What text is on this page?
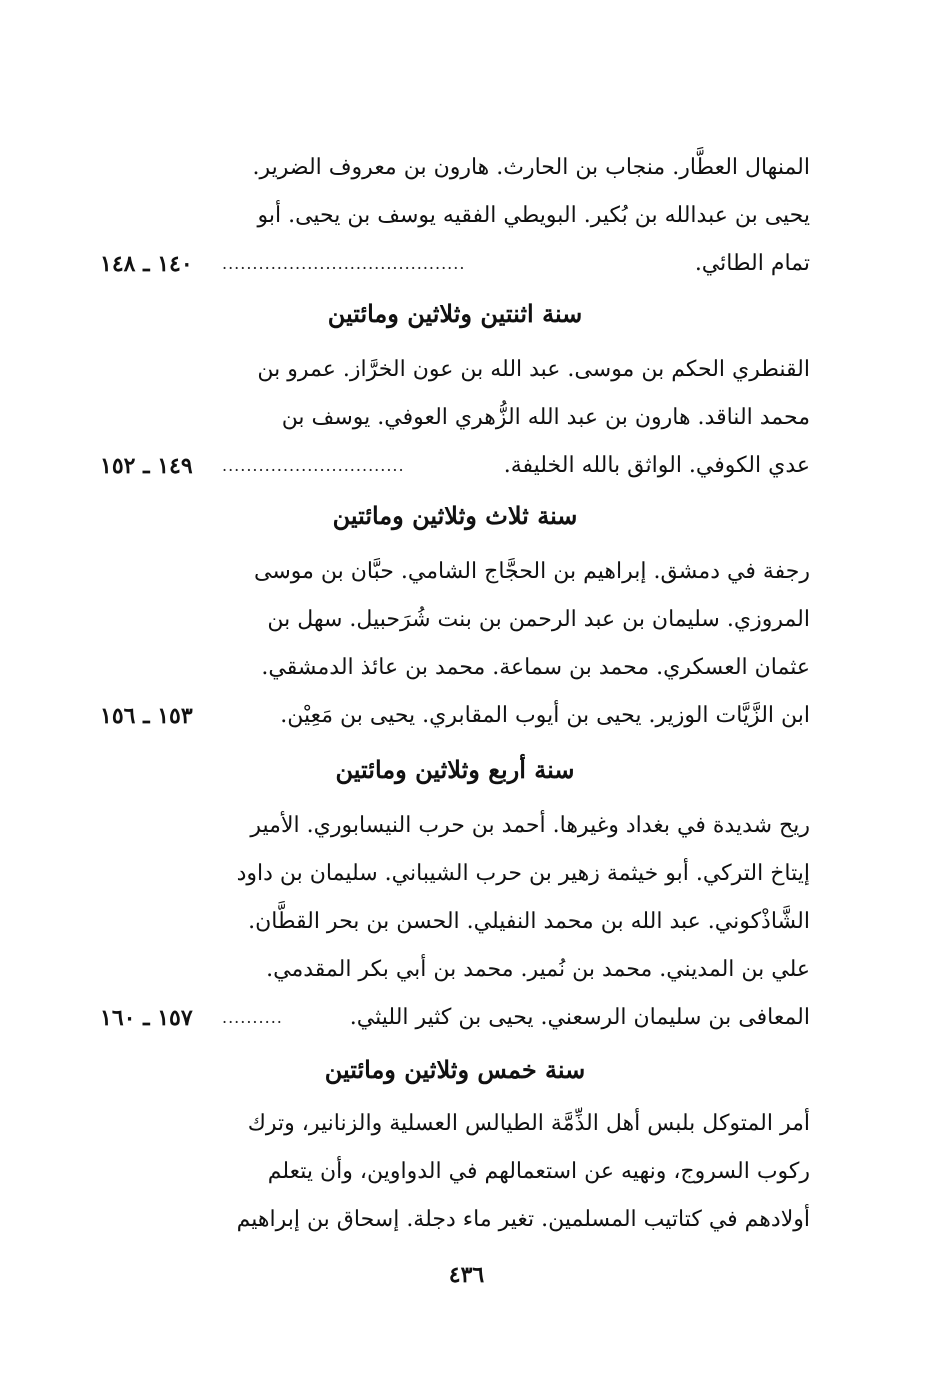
المنهال العطَّار. منجاب بن الحارث. هارون بن معروف الضرير.
يحيى بن عبدالله بن بُكير. البويطي الفقيه يوسف بن يحيى. أبو
تمام الطائي.
........................................
١٤٠ ـ ١٤٨
سنة اثنتين وثلاثين ومائتين
القنطري الحكم بن موسى. عبد الله بن عون الخرَّاز. عمرو بن
محمد الناقد. هارون بن عبد الله الزُّهري العوفي. يوسف بن
عدي الكوفي. الواثق بالله الخليفة.
..............................
١٤٩ ـ ١٥٢
سنة ثلاث وثلاثين ومائتين
رجفة في دمشق. إبراهيم بن الحجَّاج الشامي. حبَّان بن موسى
المروزي. سليمان بن عبد الرحمن بن بنت شُرَحبيل. سهل بن
عثمان العسكري. محمد بن سماعة. محمد بن عائذ الدمشقي.
ابن الزَّيَّات الوزير. يحيى بن أيوب المقابري. يحيى بن مَعِيْن.
١٥٣ ـ ١٥٦
سنة أربع وثلاثين ومائتين
ريح شديدة في بغداد وغيرها. أحمد بن حرب النيسابوري. الأمير
إيتاخ التركي. أبو خيثمة زهير بن حرب الشيباني. سليمان بن داود
الشَّاذْكوني. عبد الله بن محمد النفيلي. الحسن بن بحر القطَّان.
علي بن المديني. محمد بن نُمير. محمد بن أبي بكر المقدمي.
المعافى بن سليمان الرسعني. يحيى بن كثير الليثي.
..........
١٥٧ ـ ١٦٠
سنة خمس وثلاثين ومائتين
أمر المتوكل بلبس أهل الذِّمَّة الطيالس العسلية والزنانير، وترك
ركوب السروج، ونهيه عن استعمالهم في الدواوين، وأن يتعلم
أولادهم في كتاتيب المسلمين. تغير ماء دجلة. إسحاق بن إبراهيم
٤٣٦
